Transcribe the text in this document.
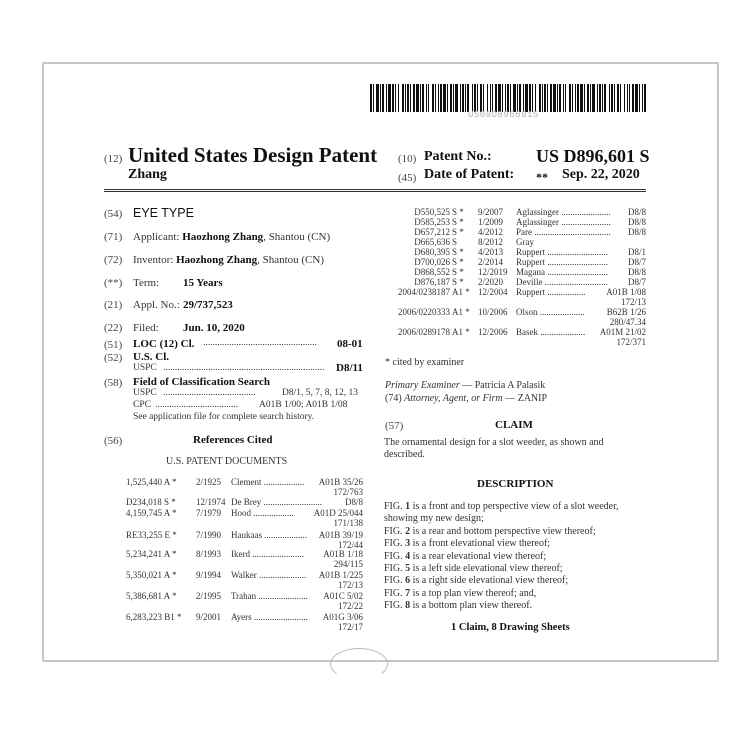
US00D896601S
(12) United States Design Patent
Zhang
(10) Patent No.: US D896,601 S
(45) Date of Patent: ** Sep. 22, 2020
(54) EYE TYPE
(71) Applicant: Haozhong Zhang, Shantou (CN)
(72) Inventor: Haozhong Zhang, Shantou (CN)
(**) Term: 15 Years
(21) Appl. No.: 29/737,523
(22) Filed: Jun. 10, 2020
(51) LOC (12) Cl. ................................................	08-01
(52) U.S. Cl.
USPC ....................................................................	D8/11
(58) Field of Classification Search
USPC .......................................	D8/1, 5, 7, 8, 12, 13
CPC ...................................	A01B 1/00; A01B 1/08
See application file for complete search history.
(56)	References Cited
U.S. PATENT DOCUMENTS
1,525,440 A * 2/1925 Clement .................. A01B 35/26
172/763
D234,018 S * 12/1974 De Brey ..........................	D8/8
4,159,745 A * 7/1979 Hood .................. A01D 25/044
171/138
RE33,255 E * 7/1990 Haukaas ................... A01B 39/19
172/44
5,234,241 A * 8/1993 Ikerd ....................... A01B 1/18
294/115
5,350,021 A * 9/1994 Walker ..................... A01B 1/225
172/13
5,386,681 A * 2/1995 Trahan ...................... A01C 5/02
172/22
6,283,223 B1 * 9/2001 Ayers ........................ A01G 3/06
172/17
D550,525 S * 9/2007 Aglassinger ...................... D8/8
D585,253 S * 1/2009 Aglassinger ...................... D8/8
D657,212 S * 4/2012 Pare .................................. D8/8
D665,636 S 8/2012 Gray
D680,395 S * 4/2013 Ruppert ........................... D8/1
D700,026 S * 2/2014 Ruppert ........................... D8/7
D868,552 S * 12/2019 Magana ........................... D8/8
D876,187 S * 2/2020 Deville ............................ D8/7
2004/0238187 A1 * 12/2004 Ruppert ................. A01B 1/08
172/13
2006/0220333 A1 * 10/2006 Olson .................... B62B 1/26
280/47.34
2006/0289178 A1 * 12/2006 Basek .................... A01M 21/02
172/371
* cited by examiner
Primary Examiner — Patricia A Palasik
(74) Attorney, Agent, or Firm — ZANIP
(57)	CLAIM
The ornamental design for a slot weeder, as shown and described.
DESCRIPTION
FIG. 1 is a front and top perspective view of a slot weeder, showing my new design;
FIG. 2 is a rear and bottom perspective view thereof;
FIG. 3 is a front elevational view thereof;
FIG. 4 is a rear elevational view thereof;
FIG. 5 is a left side elevational view thereof;
FIG. 6 is a right side elevational view thereof;
FIG. 7 is a top plan view thereof; and,
FIG. 8 is a bottom plan view thereof.
1 Claim, 8 Drawing Sheets
